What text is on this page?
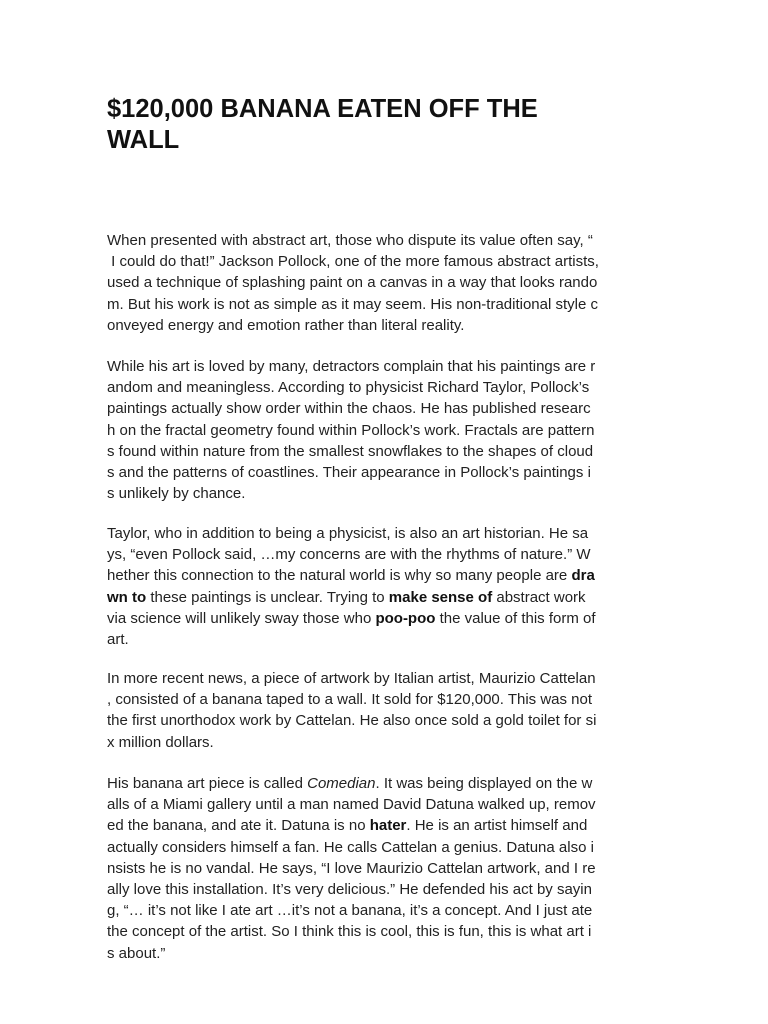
$120,000 BANANA EATEN OFF THE
WALL

When presented with abstract art, those who dispute its value often say, “
I could do that!” Jackson Pollock, one of the more famous abstract artists,
used a technique of splashing paint on a canvas in a way that looks rando
m. But his work is not as simple as it may seem. His non-traditional style c
onveyed energy and emotion rather than literal reality.

While his art is loved by many, detractors complain that his paintings are r
andom and meaningless. According to physicist Richard Taylor, Pollock’s
paintings actually show order within the chaos. He has published researc
h on the fractal geometry found within Pollock’s work. Fractals are pattern
s found within nature from the smallest snowflakes to the shapes of cloud
s and the patterns of coastlines. Their appearance in Pollock’s paintings i
s unlikely by chance.

Taylor, who in addition to being a physicist, is also an art historian. He sa
ys, “even Pollock said, …my concerns are with the rhythms of nature.” W
hether this connection to the natural world is why so many people are dra
wn to these paintings is unclear. Trying to make sense of abstract work
via science will unlikely sway those who poo-poo the value of this form of
art.

In more recent news, a piece of artwork by Italian artist, Maurizio Cattelan
, consisted of a banana taped to a wall. It sold for $120,000. This was not
the first unorthodox work by Cattelan. He also once sold a gold toilet for si
x million dollars.

His banana art piece is called Comedian. It was being displayed on the w
alls of a Miami gallery until a man named David Datuna walked up, remov
ed the banana, and ate it. Datuna is no hater. He is an artist himself and
actually considers himself a fan. He calls Cattelan a genius. Datuna also i
nsists he is no vandal. He says, “I love Maurizio Cattelan artwork, and I re
ally love this installation. It’s very delicious.” He defended his act by sayin
g, “… it’s not like I ate art …it’s not a banana, it’s a concept. And I just ate
the concept of the artist. So I think this is cool, this is fun, this is what art i
s about.”
